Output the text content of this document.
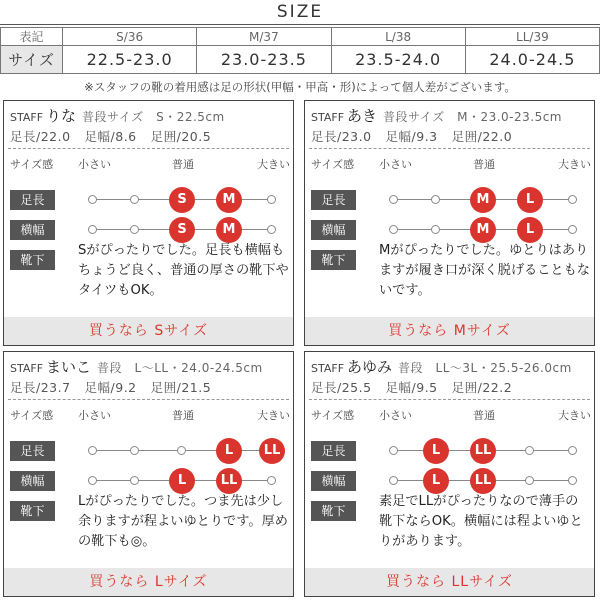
SIZE
表記	S/36	M/37	L/38	LL/39
サイズ	22.5-23.0	23.0-23.5	23.5-24.0	24.0-24.5
※スタッフの靴の着用感は足の形状(甲幅・甲高・形)によって個人差がございます。
STAFF りな 普段サイズ　S・22.5cm
足長/22.0 足幅/8.6 足囲/20.5
サイズ感 小さい	普通	大きい
足長	S	M
横幅	S	M
靴下
Sがぴったりでした。足長も横幅もちょうど良く、普通の厚さの靴下やタイツもOK。
買うなら Sサイズ
STAFF あき 普段サイズ　M・23.0-23.5cm
足長/23.0 足幅/9.3 足囲/22.0
サイズ感 小さい	普通	大きい
足長	M	L
横幅	M	L
靴下
Mがぴったりでした。ゆとりはありますが履き口が深く脱げることもないです。
買うなら Mサイズ
STAFF まいこ 普段　L〜LL・24.0-24.5cm
足長/23.7 足幅/9.2 足囲/21.5
サイズ感 小さい	普通	大きい
足長	L	LL
横幅	L	LL
靴下
Lがぴったりでした。つま先は少し余りますが程よいゆとりです。厚めの靴下も◎。
買うなら Lサイズ
STAFF あゆみ 普段　LL〜3L・25.5-26.0cm
足長/25.5 足幅/9.5 足囲/22.2
サイズ感 小さい	普通	大きい
足長	L	LL
横幅	L	LL
靴下
素足でLLがぴったりなので薄手の靴下ならOK。横幅には程よいゆとりがあります。
買うなら LLサイズ
